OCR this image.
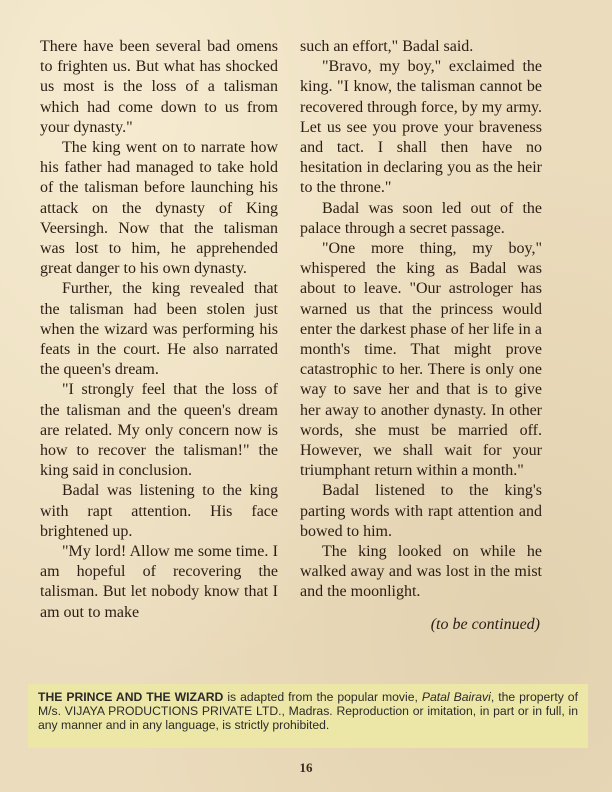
There have been several bad omens to frighten us. But what has shocked us most is the loss of a talisman which had come down to us from your dynasty."

The king went on to narrate how his father had managed to take hold of the talisman before launching his attack on the dynasty of King Veersingh. Now that the talisman was lost to him, he apprehended great danger to his own dynasty.

Further, the king revealed that the talisman had been stolen just when the wizard was performing his feats in the court. He also narrated the queen's dream.

"I strongly feel that the loss of the talisman and the queen's dream are related. My only concern now is how to recover the talisman!" the king said in conclusion.

Badal was listening to the king with rapt attention. His face brightened up.

"My lord! Allow me some time. I am hopeful of recovering the talisman. But let nobody know that I am out to make

such an effort," Badal said.

"Bravo, my boy," exclaimed the king. "I know, the talisman cannot be recovered through force, by my army. Let us see you prove your braveness and tact. I shall then have no hesitation in declaring you as the heir to the throne."

Badal was soon led out of the palace through a secret passage.

"One more thing, my boy," whispered the king as Badal was about to leave. "Our astrologer has warned us that the princess would enter the darkest phase of her life in a month's time. That might prove catastrophic to her. There is only one way to save her and that is to give her away to another dynasty. In other words, she must be married off. However, we shall wait for your triumphant return within a month."

Badal listened to the king's parting words with rapt attention and bowed to him.

The king looked on while he walked away and was lost in the mist and the moonlight.

(to be continued)
THE PRINCE AND THE WIZARD is adapted from the popular movie, Patal Bairavi, the property of M/s. VIJAYA PRODUCTIONS PRIVATE LTD., Madras. Reproduction or imitation, in part or in full, in any manner and in any language, is strictly prohibited.
16
